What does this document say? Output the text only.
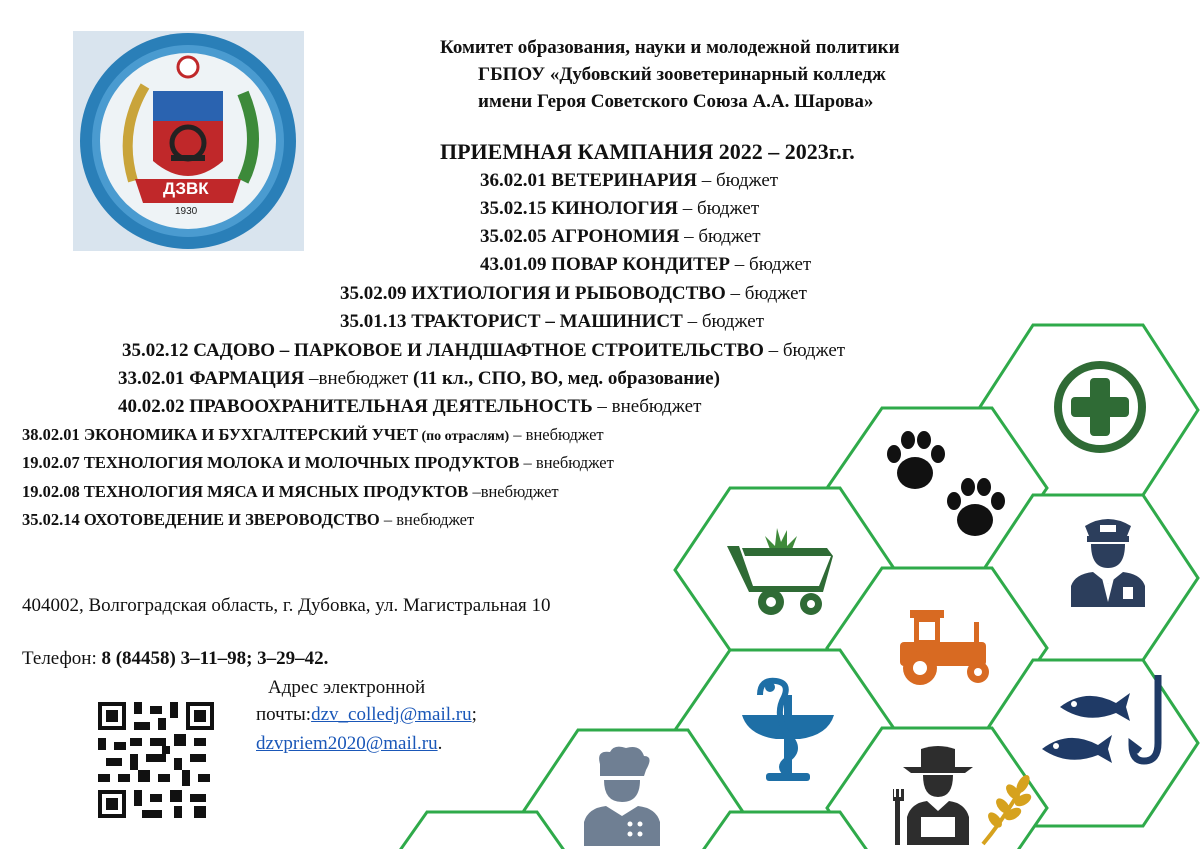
ДЗВК
1930
Комитет образования, науки и молодежной политики
ГБПОУ «Дубовский зооветеринарный колледж
имени Героя Советского Союза А.А. Шарова»
ПРИЕМНАЯ КАМПАНИЯ 2022 – 2023г.г.
36.02.01 ВЕТЕРИНАРИЯ – бюджет
35.02.15 КИНОЛОГИЯ – бюджет
35.02.05 АГРОНОМИЯ – бюджет
43.01.09 ПОВАР КОНДИТЕР – бюджет
35.02.09 ИХТИОЛОГИЯ И РЫБОВОДСТВО – бюджет
35.01.13 ТРАКТОРИСТ – МАШИНИСТ – бюджет
35.02.12 САДОВО – ПАРКОВОЕ И ЛАНДШАФТНОЕ СТРОИТЕЛЬСТВО – бюджет
33.02.01 ФАРМАЦИЯ –внебюджет (11 кл., СПО, ВО, мед. образование)
40.02.02 ПРАВООХРАНИТЕЛЬНАЯ ДЕЯТЕЛЬНОСТЬ – внебюджет
38.02.01 ЭКОНОМИКА И БУХГАЛТЕРСКИЙ УЧЕТ (по отраслям) – внебюджет
19.02.07 ТЕХНОЛОГИЯ МОЛОКА И МОЛОЧНЫХ ПРОДУКТОВ – внебюджет
19.02.08 ТЕХНОЛОГИЯ МЯСА И МЯСНЫХ ПРОДУКТОВ –внебюджет
35.02.14 ОХОТОВЕДЕНИЕ И ЗВЕРОВОДСТВО – внебюджет
404002, Волгоградская область, г. Дубовка, ул. Магистральная 10
Телефон: 8 (84458) 3–11–98; 3–29–42.
Адрес электронной
почты:dzv_colledj@mail.ru;
dzvpriem2020@mail.ru.
